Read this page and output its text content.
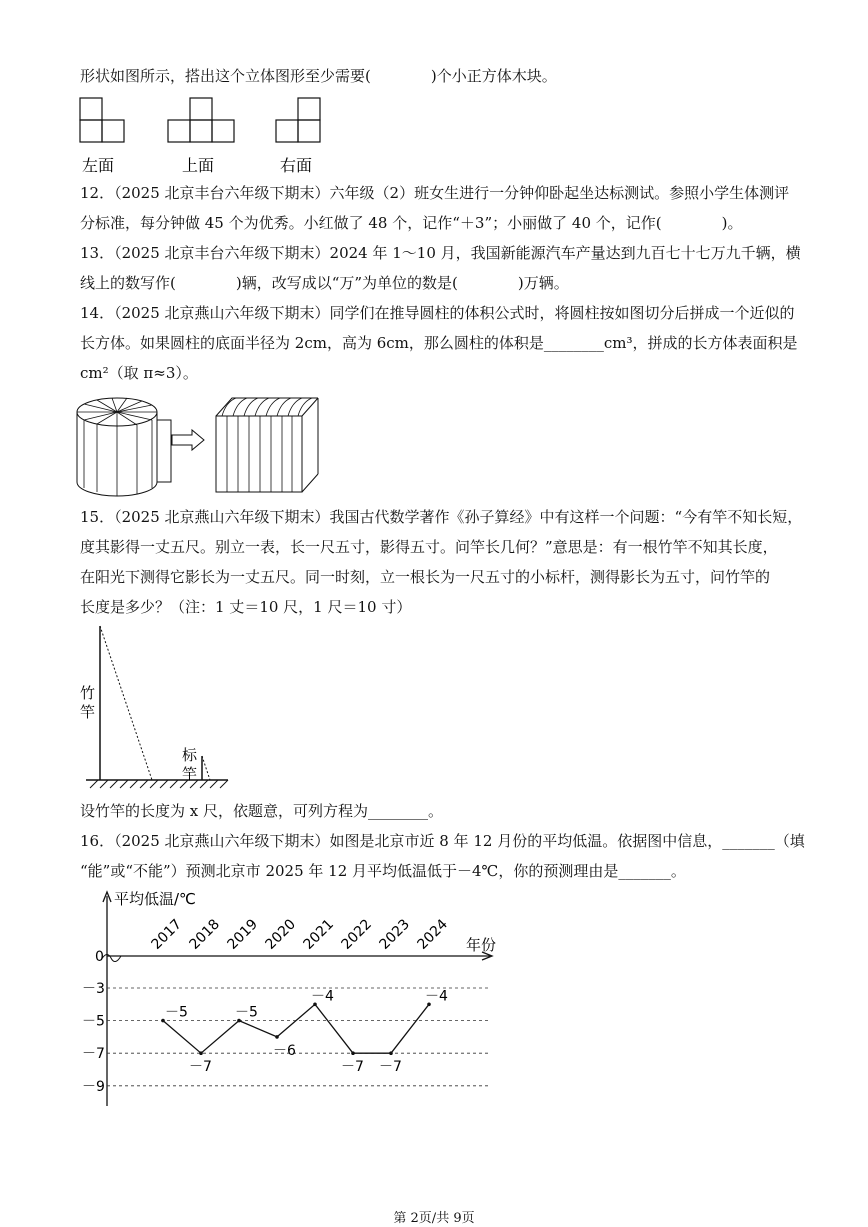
形状如图所示，搭出这个立体图形至少需要(　　　　)个小正方体木块。
左面	上面	右面
12．（2025 北京丰台六年级下期末）六年级（2）班女生进行一分钟仰卧起坐达标测试。参照小学生体测评
分标准，每分钟做 45 个为优秀。小红做了 48 个，记作“＋3”；小丽做了 40 个，记作(　　　　)。
13．（2025 北京丰台六年级下期末）2024 年 1～10 月，我国新能源汽车产量达到九百七十七万九千辆，横
线上的数写作(　　　　)辆，改写成以“万”为单位的数是(　　　　)万辆。
14．（2025 北京燕山六年级下期末）同学们在推导圆柱的体积公式时，将圆柱按如图切分后拼成一个近似的
长方体。如果圆柱的底面半径为 2cm，高为 6cm，那么圆柱的体积是________cm³，拼成的长方体表面积是
cm²（取 π≈3）。
15．（2025 北京燕山六年级下期末）我国古代数学著作《孙子算经》中有这样一个问题：“今有竿不知长短，
度其影得一丈五尺。别立一表，长一尺五寸，影得五寸。问竿长几何？”意思是：有一根竹竿不知其长度，
在阳光下测得它影长为一丈五尺。同一时刻，立一根长为一尺五寸的小标杆，测得影长为五寸，问竹竿的
长度是多少？（注：1 丈＝10 尺，1 尺＝10 寸）
竹
竿
标
竿
设竹竿的长度为 x 尺，依题意，可列方程为________。
16．（2025 北京燕山六年级下期末）如图是北京市近 8 年 12 月份的平均低温。依据图中信息，_______（填
“能”或“不能”）预测北京市 2025 年 12 月平均低温低于－4℃，你的预测理由是_______。
平均低温/℃
年份
0
－3
－5
－7
－9
2017 2018 2019 2020 2021 2022 2023 2024
－5
－7
－5
－6
－4
－7 －7
－4
第 2页/共 9页
